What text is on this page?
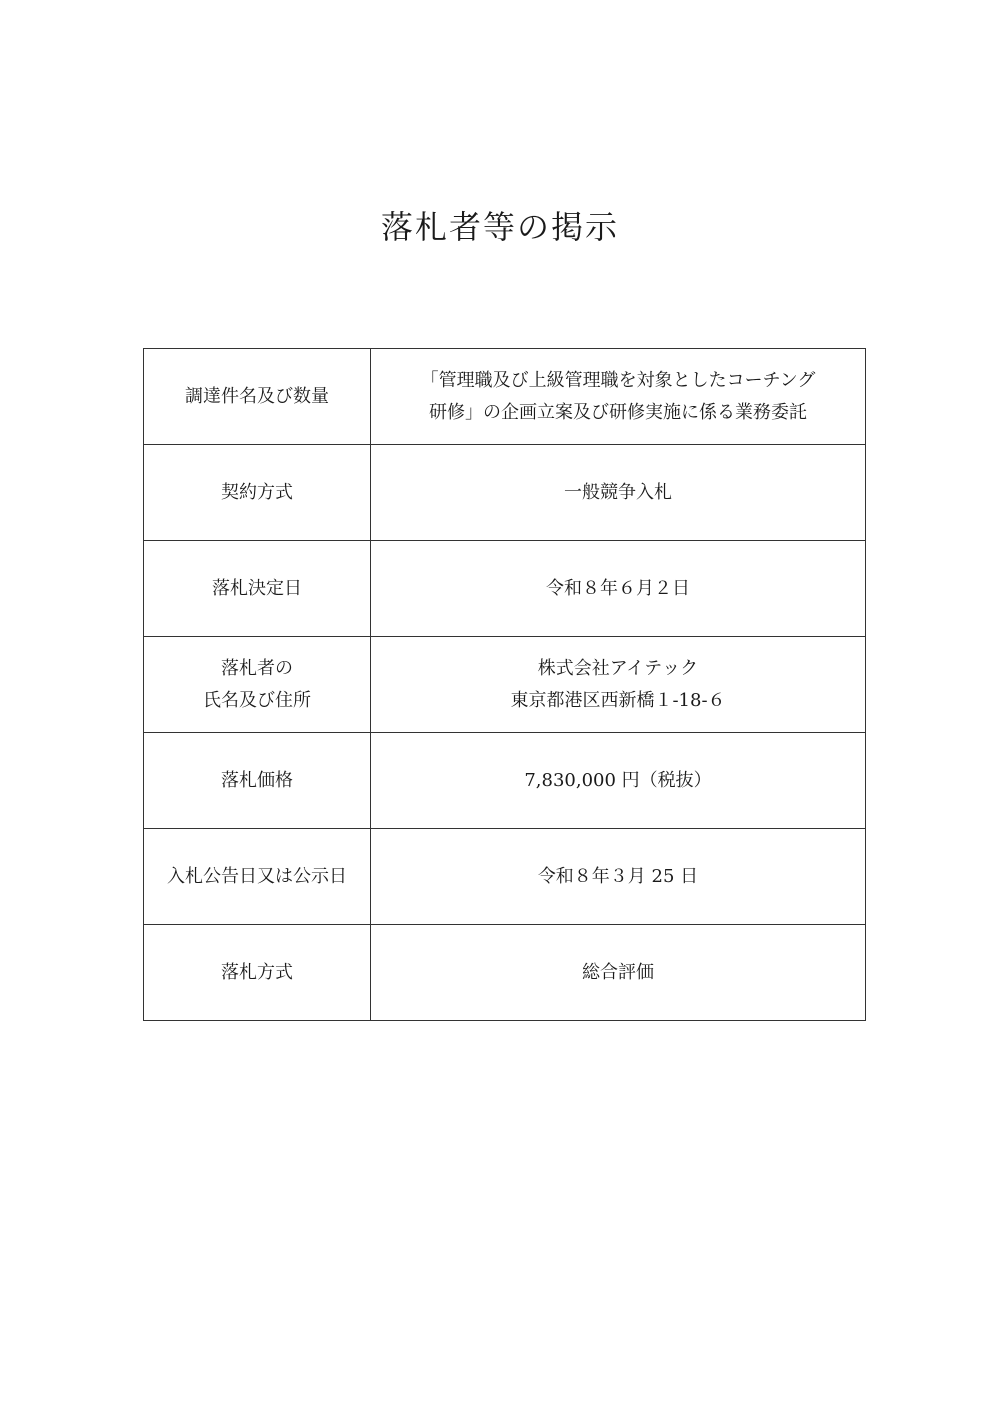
落札者等の掲示
調達件名及び数量	「管理職及び上級管理職を対象としたコーチング
研修」の企画立案及び研修実施に係る業務委託

契約方式	一般競争入札

落札決定日	令和８年６月２日

落札者の
氏名及び住所	株式会社アイテック
東京都港区西新橋１-18-６

落札価格	7,830,000 円（税抜）

入札公告日又は公示日	令和８年３月 25 日

落札方式	総合評価
